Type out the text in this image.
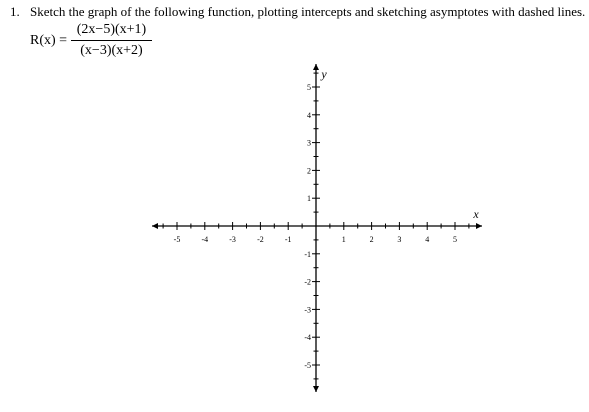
1. Sketch the graph of the following function, plotting intercepts and sketching asymptotes with dashed lines.
R(x) =
(2x−5)(x+1)
(x−3)(x+2)
-5	-4	-3	-2	-1	1	2	3	4	5
5
4
3
2
1
-1
-2
-3
-4
-5
x
y
